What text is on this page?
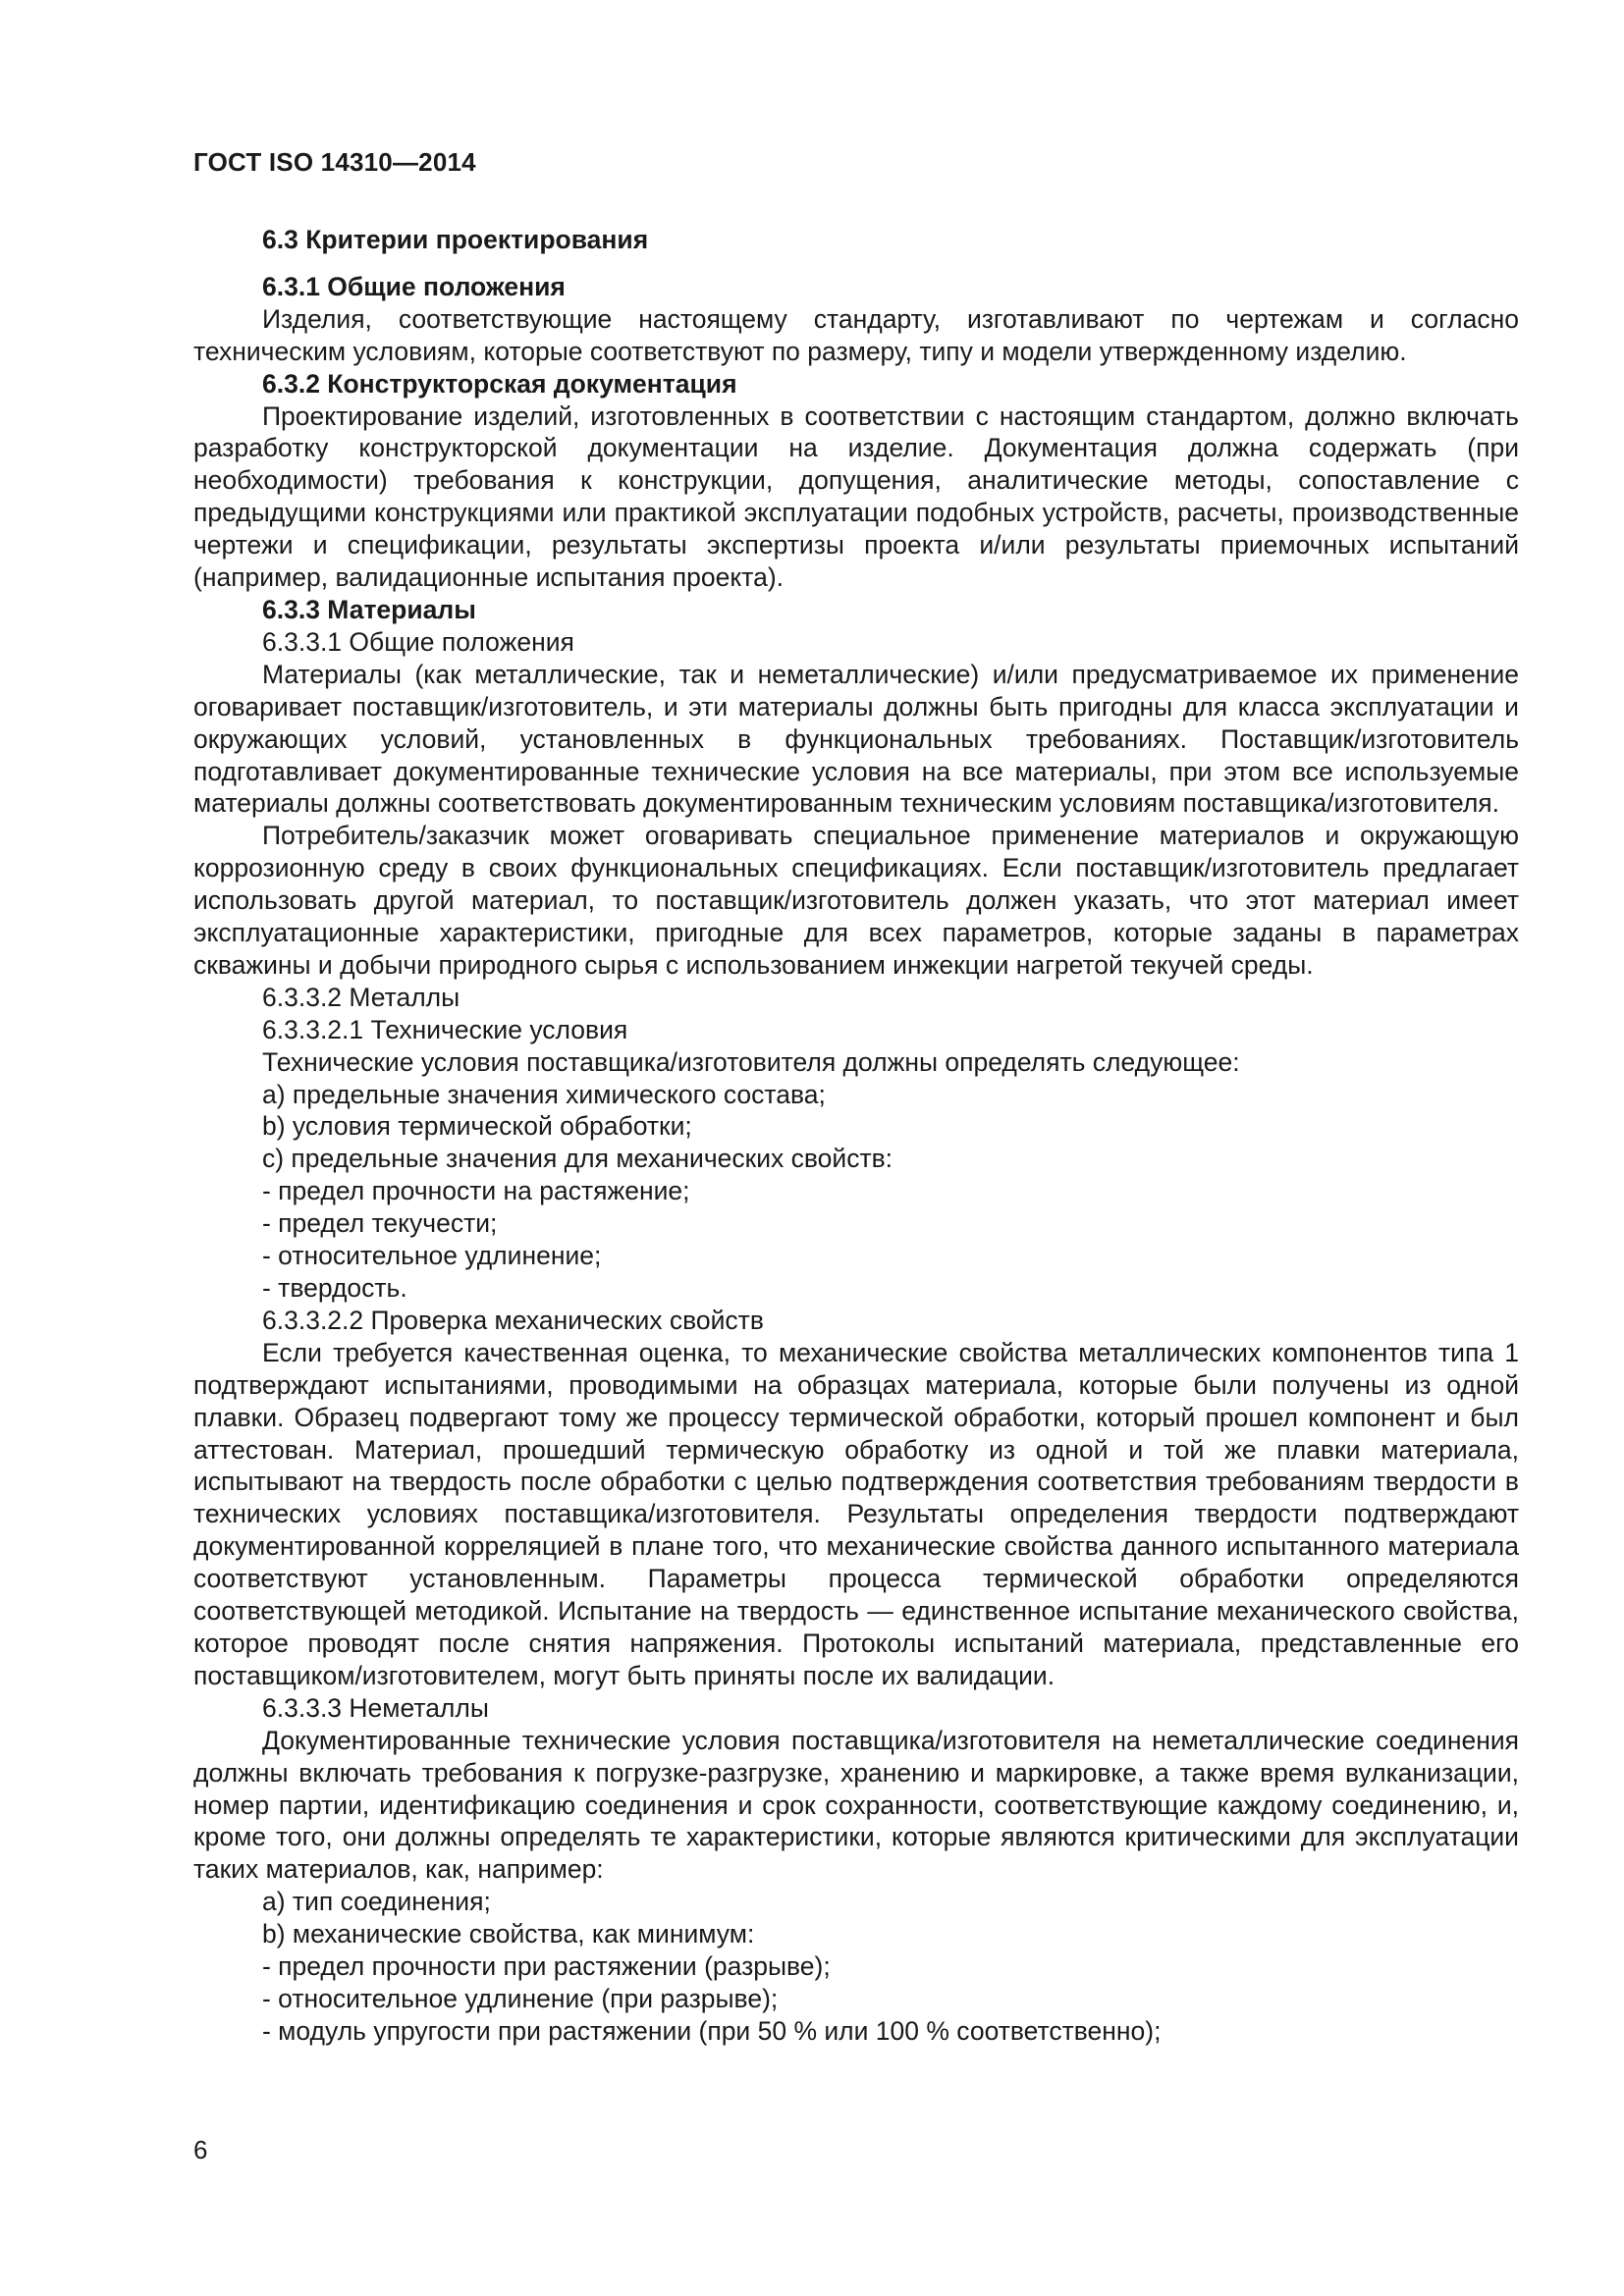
ГОСТ ISO 14310—2014

6.3 Критерии проектирования

6.3.1 Общие положения

Изделия, соответствующие настоящему стандарту, изготавливают по чертежам и согласно техническим условиям, которые соответствуют по размеру, типу и модели утвержденному изделию.

6.3.2 Конструкторская документация

Проектирование изделий, изготовленных в соответствии с настоящим стандартом, должно включать разработку конструкторской документации на изделие. Документация должна содержать (при необходимости) требования к конструкции, допущения, аналитические методы, сопоставление с предыдущими конструкциями или практикой эксплуатации подобных устройств, расчеты, производственные чертежи и спецификации, результаты экспертизы проекта и/или результаты приемочных испытаний (например, валидационные испытания проекта).

6.3.3 Материалы

6.3.3.1 Общие положения

Материалы (как металлические, так и неметаллические) и/или предусматриваемое их применение оговаривает поставщик/изготовитель, и эти материалы должны быть пригодны для класса эксплуатации и окружающих условий, установленных в функциональных требованиях. Поставщик/изготовитель подготавливает документированные технические условия на все материалы, при этом все используемые материалы должны соответствовать документированным техническим условиям поставщика/изготовителя.

Потребитель/заказчик может оговаривать специальное применение материалов и окружающую коррозионную среду в своих функциональных спецификациях. Если поставщик/изготовитель предлагает использовать другой материал, то поставщик/изготовитель должен указать, что этот материал имеет эксплуатационные характеристики, пригодные для всех параметров, которые заданы в параметрах скважины и добычи природного сырья с использованием инжекции нагретой текучей среды.

6.3.3.2 Металлы

6.3.3.2.1 Технические условия

Технические условия поставщика/изготовителя должны определять следующее:

a) предельные значения химического состава;
b) условия термической обработки;
c) предельные значения для механических свойств:
- предел прочности на растяжение;
- предел текучести;
- относительное удлинение;
- твердость.

6.3.3.2.2 Проверка механических свойств

Если требуется качественная оценка, то механические свойства металлических компонентов типа 1 подтверждают испытаниями, проводимыми на образцах материала, которые были получены из одной плавки. Образец подвергают тому же процессу термической обработки, который прошел компонент и был аттестован. Материал, прошедший термическую обработку из одной и той же плавки материала, испытывают на твердость после обработки с целью подтверждения соответствия требованиям твердости в технических условиях поставщика/изготовителя. Результаты определения твердости подтверждают документированной корреляцией в плане того, что механические свойства данного испытанного материала соответствуют установленным. Параметры процесса термической обработки определяются соответствующей методикой. Испытание на твердость — единственное испытание механического свойства, которое проводят после снятия напряжения. Протоколы испытаний материала, представленные его поставщиком/изготовителем, могут быть приняты после их валидации.

6.3.3.3 Неметаллы

Документированные технические условия поставщика/изготовителя на неметаллические соединения должны включать требования к погрузке-разгрузке, хранению и маркировке, а также время вулканизации, номер партии, идентификацию соединения и срок сохранности, соответствующие каждому соединению, и, кроме того, они должны определять те характеристики, которые являются критическими для эксплуатации таких материалов, как, например:

a) тип соединения;
b) механические свойства, как минимум:
- предел прочности при растяжении (разрыве);
- относительное удлинение (при разрыве);
- модуль упругости при растяжении (при 50 % или 100 % соответственно);
6
